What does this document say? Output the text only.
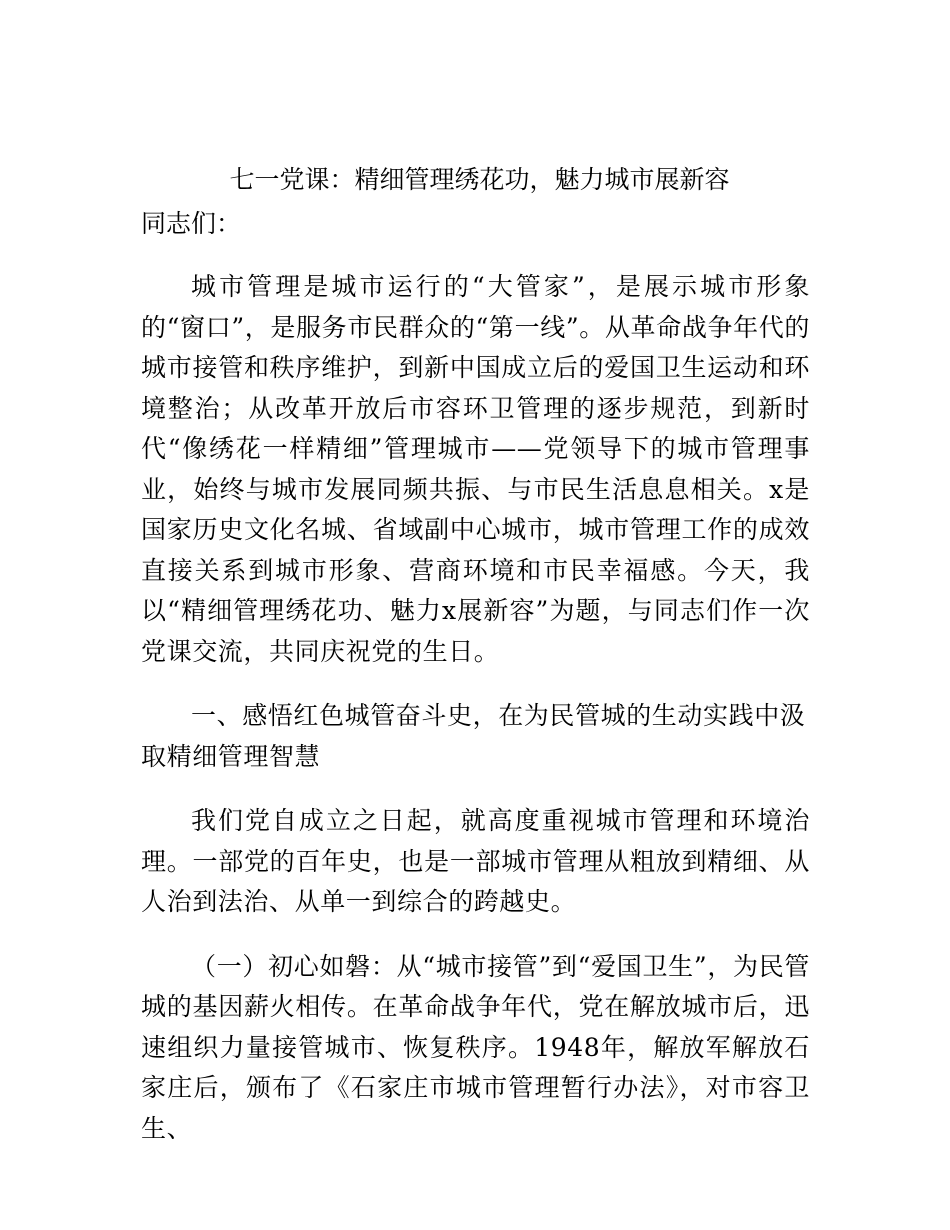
七一党课：精细管理绣花功，魅力城市展新容
同志们：

城市管理是城市运行的“大管家”，是展示城市形象的“窗口”，是服务市民群众的“第一线”。从革命战争年代的城市接管和秩序维护，到新中国成立后的爱国卫生运动和环境整治；从改革开放后市容环卫管理的逐步规范，到新时代“像绣花一样精细”管理城市——党领导下的城市管理事业，始终与城市发展同频共振、与市民生活息息相关。x是国家历史文化名城、省域副中心城市，城市管理工作的成效直接关系到城市形象、营商环境和市民幸福感。今天，我以“精细管理绣花功、魅力x展新容”为题，与同志们作一次党课交流，共同庆祝党的生日。

一、感悟红色城管奋斗史，在为民管城的生动实践中汲取精细管理智慧

我们党自成立之日起，就高度重视城市管理和环境治理。一部党的百年史，也是一部城市管理从粗放到精细、从人治到法治、从单一到综合的跨越史。

（一）初心如磐：从“城市接管”到“爱国卫生”，为民管城的基因薪火相传。在革命战争年代，党在解放城市后，迅速组织力量接管城市、恢复秩序。1948年，解放军解放石家庄后，颁布了《石家庄市城市管理暂行办法》，对市容卫生、
